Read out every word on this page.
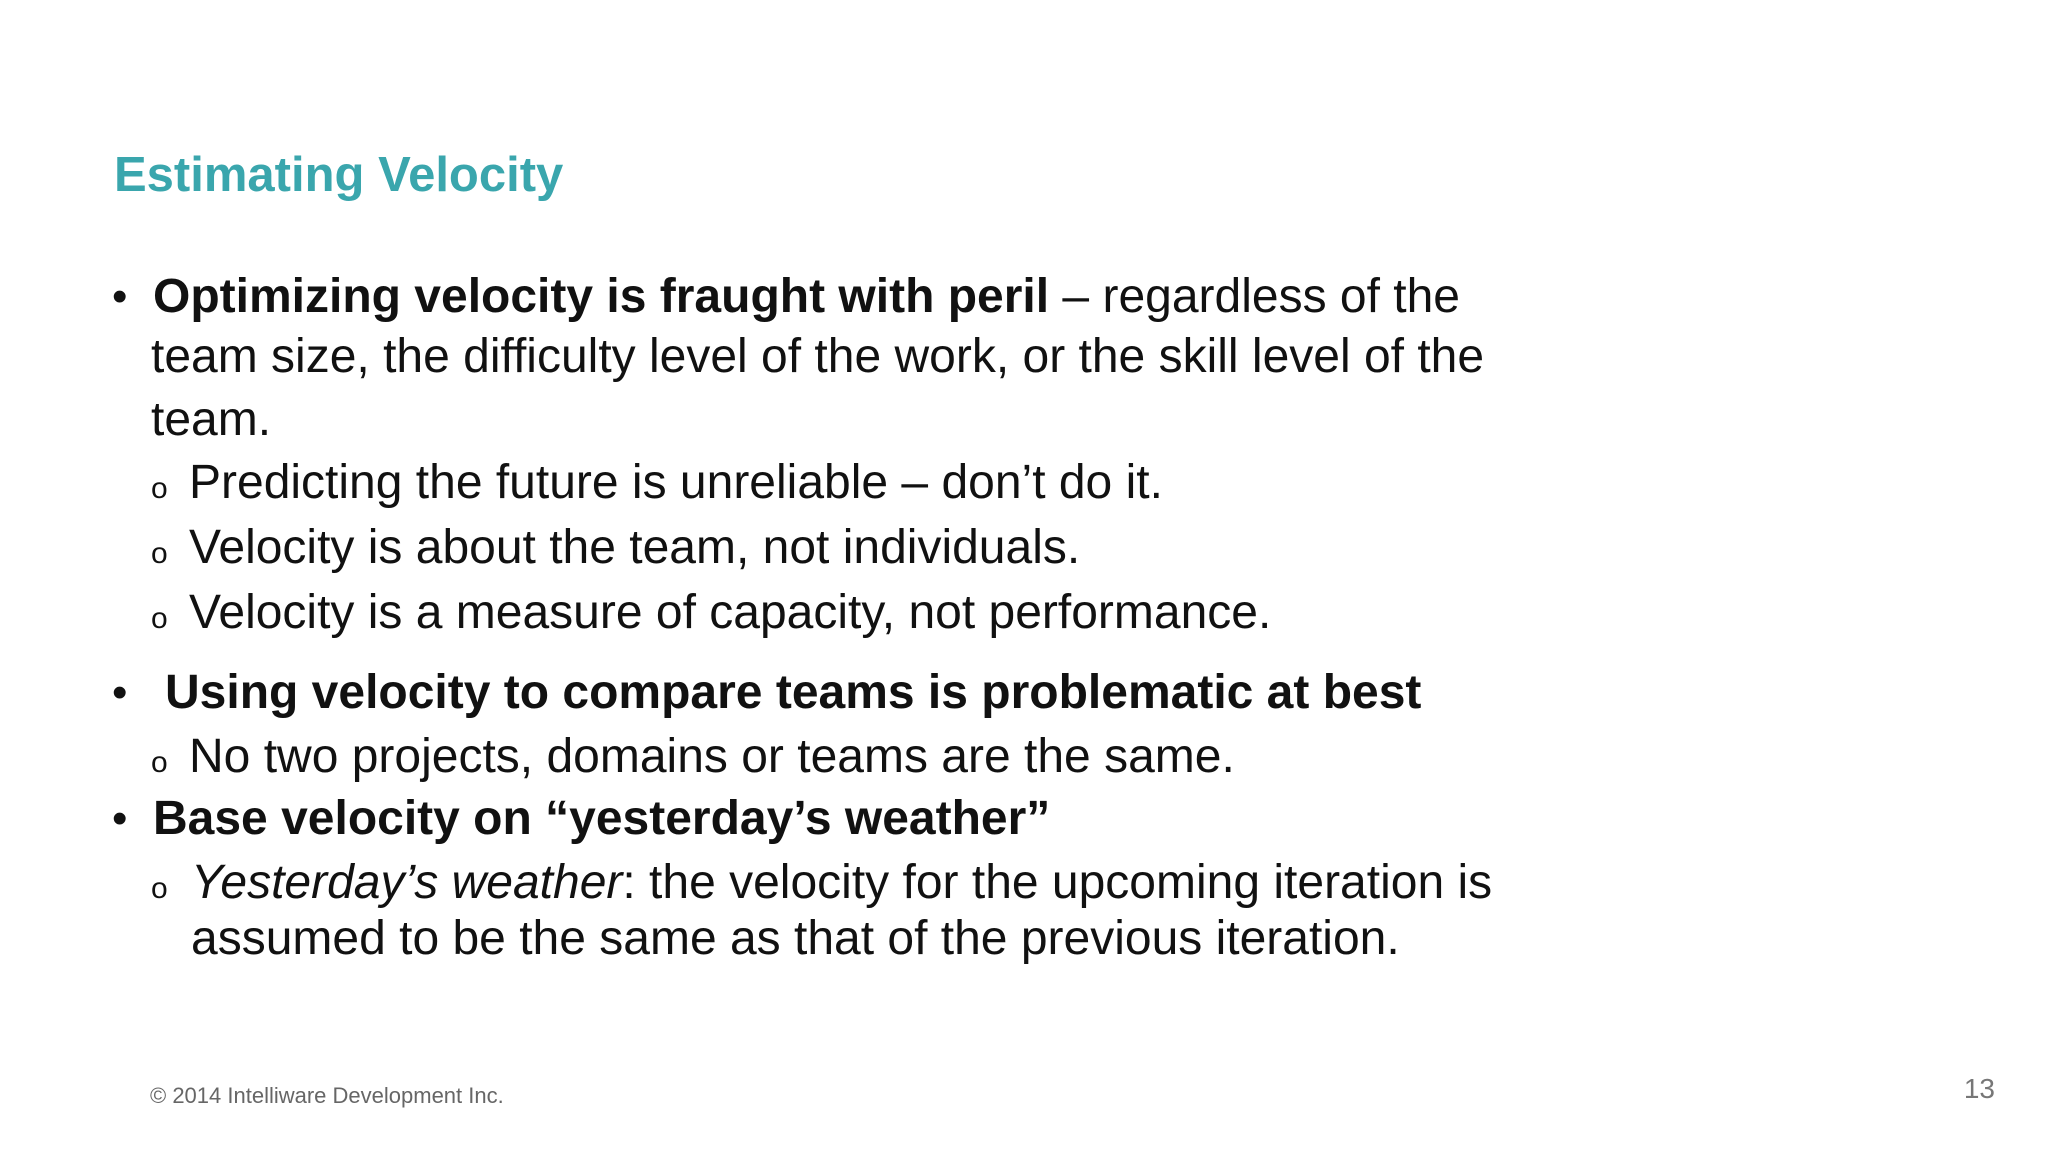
Estimating Velocity
• Optimizing velocity is fraught with peril – regardless of the
team size, the difficulty level of the work, or the skill level of the
team.
o Predicting the future is unreliable – don’t do it.
o Velocity is about the team, not individuals.
o Velocity is a measure of capacity, not performance.
• Using velocity to compare teams is problematic at best
o No two projects, domains or teams are the same.
• Base velocity on “yesterday’s weather”
o Yesterday’s weather: the velocity for the upcoming iteration is
assumed to be the same as that of the previous iteration.
© 2014 Intelliware Development Inc.	13
